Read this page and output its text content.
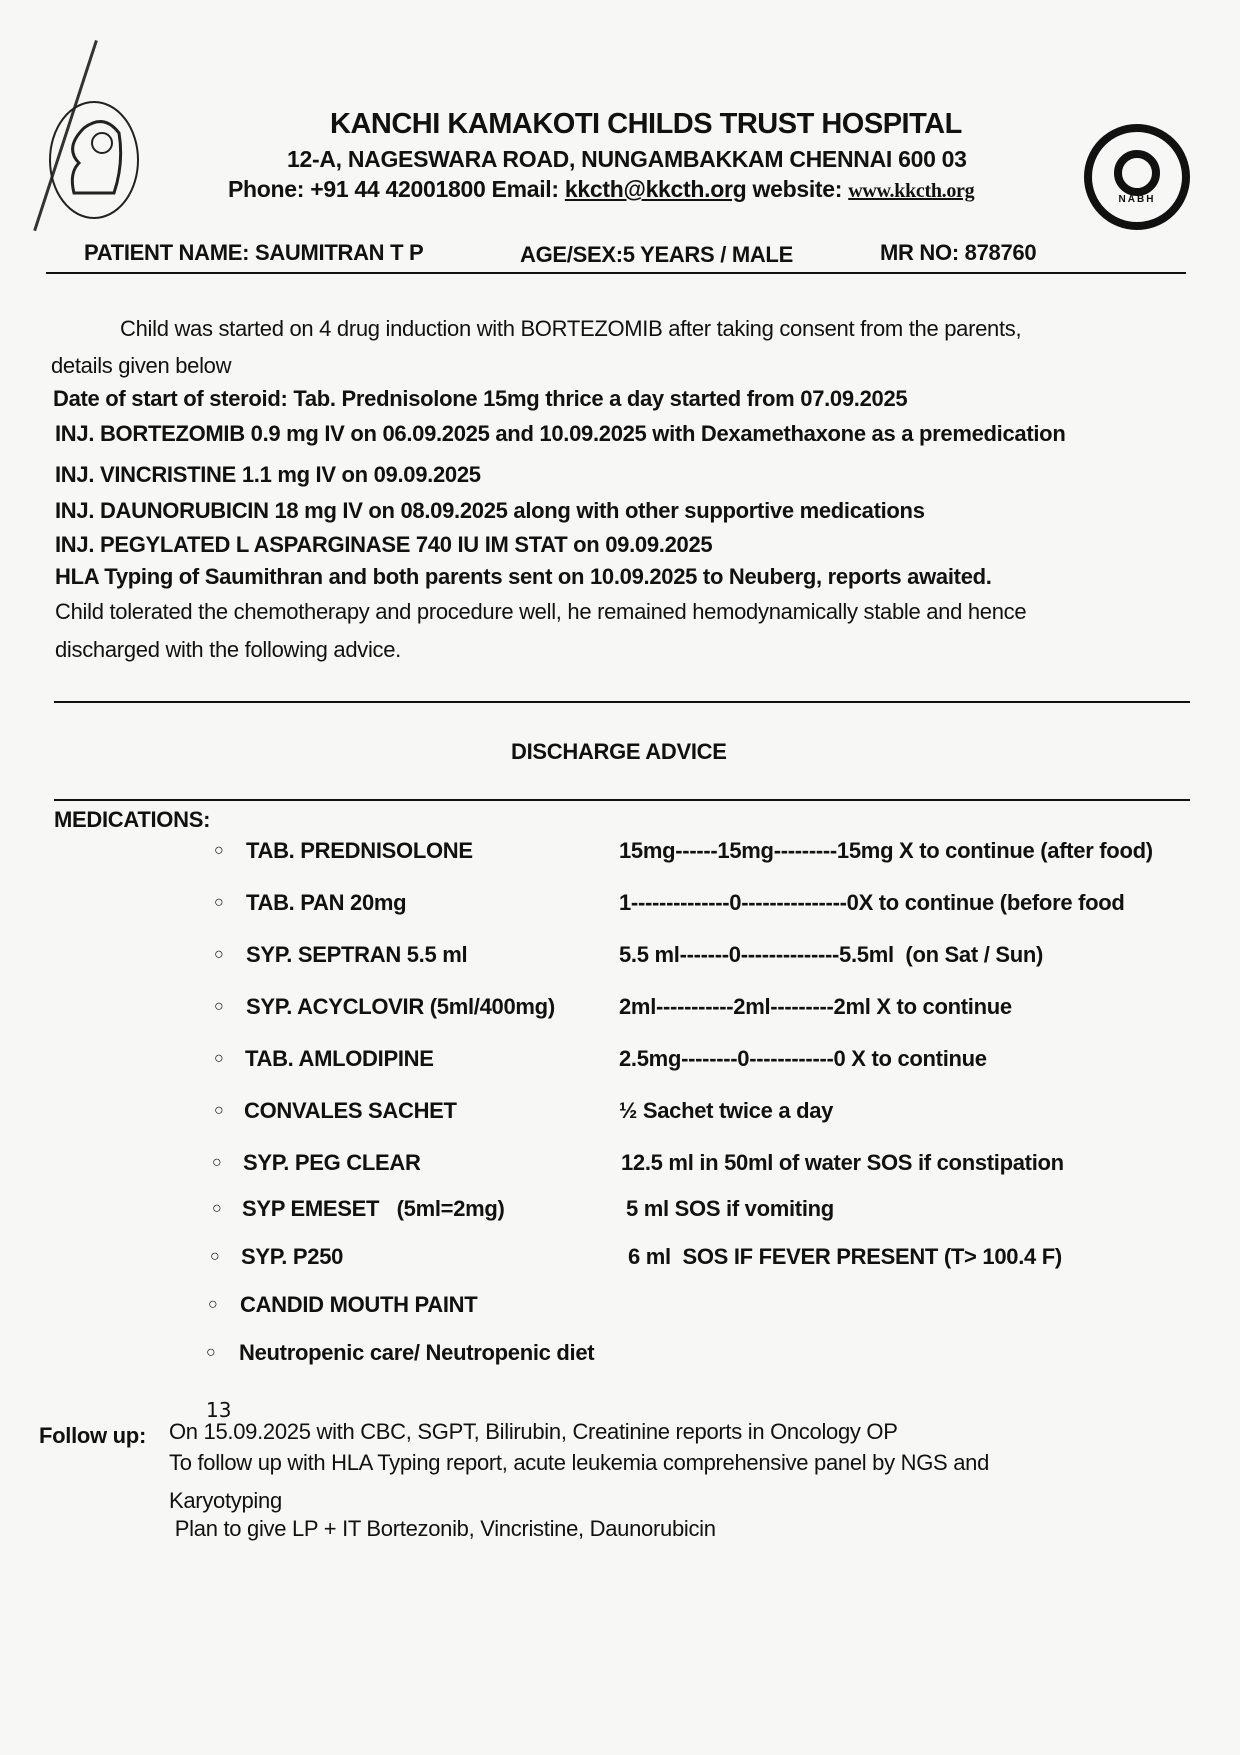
KANCHI KAMAKOTI CHILDS TRUST HOSPITAL
12-A, NAGESWARA ROAD, NUNGAMBAKKAM CHENNAI 600 03
Phone: +91 44 42001800 Email: kkcth@kkcth.org website: www.kkcth.org	NABH
PATIENT NAME: SAUMITRAN T P	AGE/SEX:5 YEARS / MALE	MR NO: 878760
Child was started on 4 drug induction with BORTEZOMIB after taking consent from the parents,
details given below
Date of start of steroid: Tab. Prednisolone 15mg thrice a day started from 07.09.2025
INJ. BORTEZOMIB 0.9 mg IV on 06.09.2025 and 10.09.2025 with Dexamethaxone as a premedication
INJ. VINCRISTINE 1.1 mg IV on 09.09.2025
INJ. DAUNORUBICIN 18 mg IV on 08.09.2025 along with other supportive medications
INJ. PEGYLATED L ASPARGINASE 740 IU IM STAT on 09.09.2025
HLA Typing of Saumithran and both parents sent on 10.09.2025 to Neuberg, reports awaited.
Child tolerated the chemotherapy and procedure well, he remained hemodynamically stable and hence
discharged with the following advice.
DISCHARGE ADVICE
MEDICATIONS:
○ TAB. PREDNISOLONE	15mg------15mg---------15mg X to continue (after food)
○ TAB. PAN 20mg	1--------------0---------------0X to continue (before food
○ SYP. SEPTRAN 5.5 ml	5.5 ml-------0--------------5.5ml  (on Sat / Sun)
○ SYP. ACYCLOVIR (5ml/400mg)	2ml-----------2ml---------2ml X to continue
○ TAB. AMLODIPINE	2.5mg--------0------------0 X to continue
○ CONVALES SACHET	½ Sachet twice a day
○ SYP. PEG CLEAR	12.5 ml in 50ml of water SOS if constipation
○ SYP EMESET   (5ml=2mg)	5 ml SOS if vomiting
○ SYP. P250	6 ml  SOS IF FEVER PRESENT (T> 100.4 F)
○ CANDID MOUTH PAINT
○ Neutropenic care/ Neutropenic diet
Follow up:
13
On 15.09.2025 with CBC, SGPT, Bilirubin, Creatinine reports in Oncology OP
To follow up with HLA Typing report, acute leukemia comprehensive panel by NGS and
Karyotyping
Plan to give LP + IT Bortezonib, Vincristine, Daunorubicin
